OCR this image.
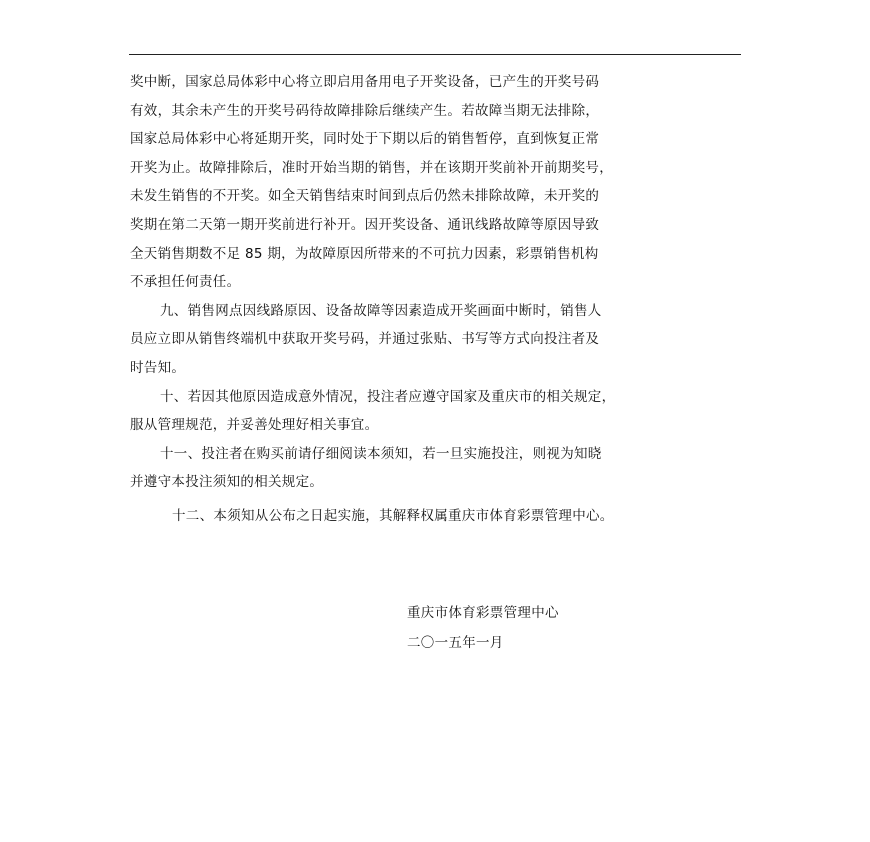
奖中断，国家总局体彩中心将立即启用备用电子开奖设备，已产生的开奖号码
有效，其余未产生的开奖号码待故障排除后继续产生。若故障当期无法排除，
国家总局体彩中心将延期开奖，同时处于下期以后的销售暂停，直到恢复正常
开奖为止。故障排除后，准时开始当期的销售，并在该期开奖前补开前期奖号，
未发生销售的不开奖。如全天销售结束时间到点后仍然未排除故障，未开奖的
奖期在第二天第一期开奖前进行补开。因开奖设备、通讯线路故障等原因导致
全天销售期数不足 85 期，为故障原因所带来的不可抗力因素，彩票销售机构
不承担任何责任。
九、销售网点因线路原因、设备故障等因素造成开奖画面中断时，销售人
员应立即从销售终端机中获取开奖号码，并通过张贴、书写等方式向投注者及
时告知。
十、若因其他原因造成意外情况，投注者应遵守国家及重庆市的相关规定，
服从管理规范，并妥善处理好相关事宜。
十一、投注者在购买前请仔细阅读本须知，若一旦实施投注，则视为知晓
并遵守本投注须知的相关规定。
十二、本须知从公布之日起实施，其解释权属重庆市体育彩票管理中心。
重庆市体育彩票管理中心
二〇一五年一月
